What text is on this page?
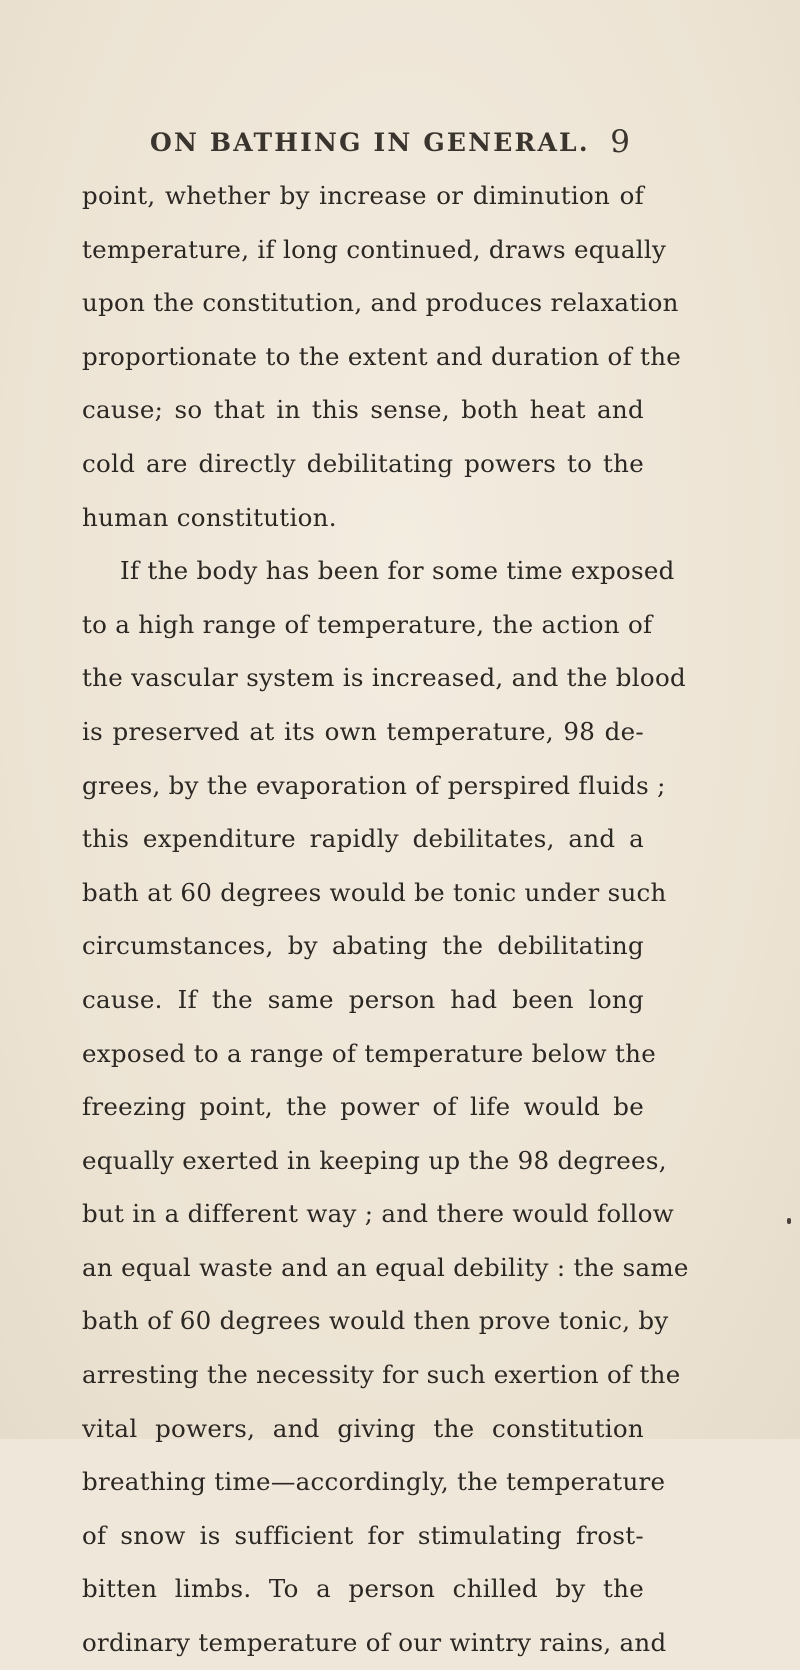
ON BATHING IN GENERAL. 9
point, whether by increase or diminution of
temperature, if long continued, draws equally
upon the constitution, and produces relaxation
proportionate to the extent and duration of the
cause; so that in this sense, both heat and
cold are directly debilitating powers to the
human constitution.
If the body has been for some time exposed
to a high range of temperature, the action of
the vascular system is increased, and the blood
is preserved at its own temperature, 98 de-
grees, by the evaporation of perspired fluids ;
this expenditure rapidly debilitates, and a
bath at 60 degrees would be tonic under such
circumstances, by abating the debilitating
cause. If the same person had been long
exposed to a range of temperature below the
freezing point, the power of life would be
equally exerted in keeping up the 98 degrees,
but in a different way ; and there would follow
an equal waste and an equal debility : the same
bath of 60 degrees would then prove tonic, by
arresting the necessity for such exertion of the
vital powers, and giving the constitution
breathing time—accordingly, the temperature
of snow is sufficient for stimulating frost-
bitten limbs. To a person chilled by the
ordinary temperature of our wintry rains, and
